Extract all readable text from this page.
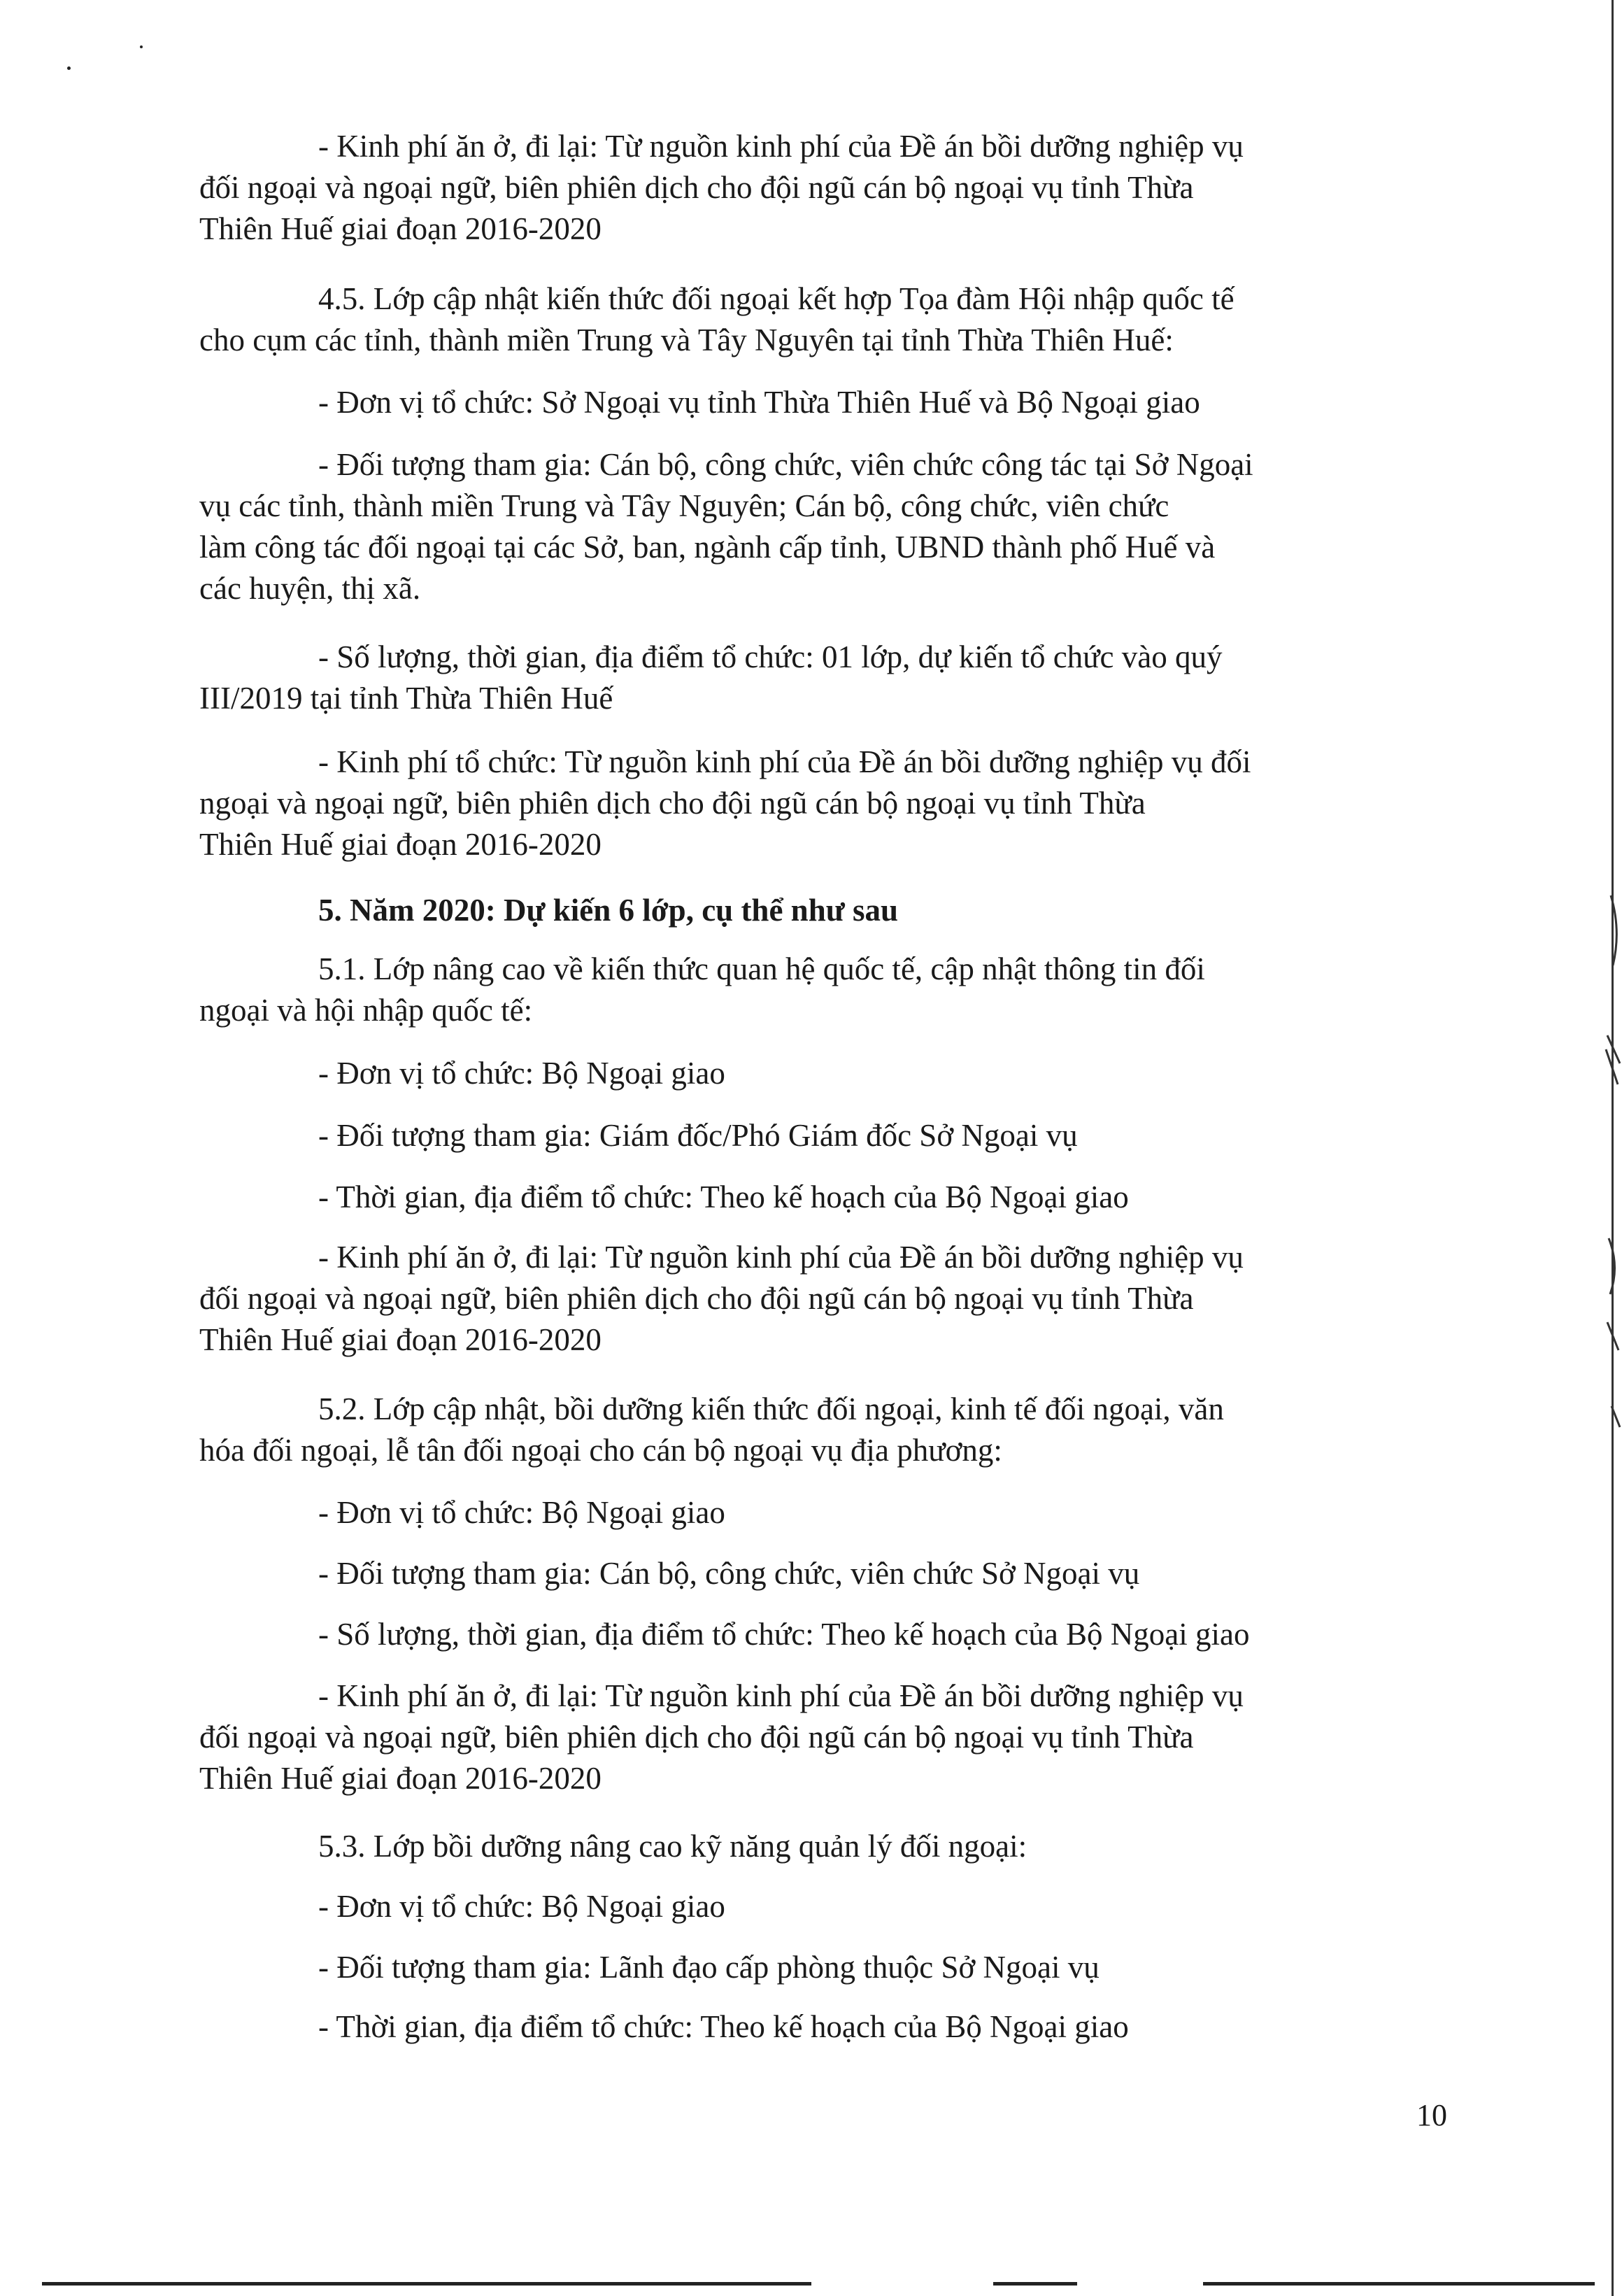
- Kinh phí ăn ở, đi lại: Từ nguồn kinh phí của Đề án bồi dưỡng nghiệp vụ
đối ngoại và ngoại ngữ, biên phiên dịch cho đội ngũ cán bộ ngoại vụ tỉnh Thừa
Thiên Huế giai đoạn 2016-2020
4.5. Lớp cập nhật kiến thức đối ngoại kết hợp Tọa đàm Hội nhập quốc tế
cho cụm các tỉnh, thành miền Trung và Tây Nguyên tại tỉnh Thừa Thiên Huế:
- Đơn vị tổ chức: Sở Ngoại vụ tỉnh Thừa Thiên Huế và Bộ Ngoại giao
- Đối tượng tham gia: Cán bộ, công chức, viên chức công tác tại Sở Ngoại
vụ các tỉnh, thành miền Trung và Tây Nguyên; Cán bộ, công chức, viên chức
làm công tác đối ngoại tại các Sở, ban, ngành cấp tỉnh, UBND thành phố Huế và
các huyện, thị xã.
- Số lượng, thời gian, địa điểm tổ chức: 01 lớp, dự kiến tổ chức vào quý
III/2019 tại tỉnh Thừa Thiên Huế
- Kinh phí tổ chức: Từ nguồn kinh phí của Đề án bồi dưỡng nghiệp vụ đối
ngoại và ngoại ngữ, biên phiên dịch cho đội ngũ cán bộ ngoại vụ tỉnh Thừa
Thiên Huế giai đoạn 2016-2020
5. Năm 2020: Dự kiến 6 lớp, cụ thể như sau
5.1. Lớp nâng cao về kiến thức quan hệ quốc tế, cập nhật thông tin đối
ngoại và hội nhập quốc tế:
- Đơn vị tổ chức: Bộ Ngoại giao
- Đối tượng tham gia: Giám đốc/Phó Giám đốc Sở Ngoại vụ
- Thời gian, địa điểm tổ chức: Theo kế hoạch của Bộ Ngoại giao
- Kinh phí ăn ở, đi lại: Từ nguồn kinh phí của Đề án bồi dưỡng nghiệp vụ
đối ngoại và ngoại ngữ, biên phiên dịch cho đội ngũ cán bộ ngoại vụ tỉnh Thừa
Thiên Huế giai đoạn 2016-2020
5.2. Lớp cập nhật, bồi dưỡng kiến thức đối ngoại, kinh tế đối ngoại, văn
hóa đối ngoại, lễ tân đối ngoại cho cán bộ ngoại vụ địa phương:
- Đơn vị tổ chức: Bộ Ngoại giao
- Đối tượng tham gia: Cán bộ, công chức, viên chức Sở Ngoại vụ
- Số lượng, thời gian, địa điểm tổ chức: Theo kế hoạch của Bộ Ngoại giao
- Kinh phí ăn ở, đi lại: Từ nguồn kinh phí của Đề án bồi dưỡng nghiệp vụ
đối ngoại và ngoại ngữ, biên phiên dịch cho đội ngũ cán bộ ngoại vụ tỉnh Thừa
Thiên Huế giai đoạn 2016-2020
5.3. Lớp bồi dưỡng nâng cao kỹ năng quản lý đối ngoại:
- Đơn vị tổ chức: Bộ Ngoại giao
- Đối tượng tham gia: Lãnh đạo cấp phòng thuộc Sở Ngoại vụ
- Thời gian, địa điểm tổ chức: Theo kế hoạch của Bộ Ngoại giao
10
